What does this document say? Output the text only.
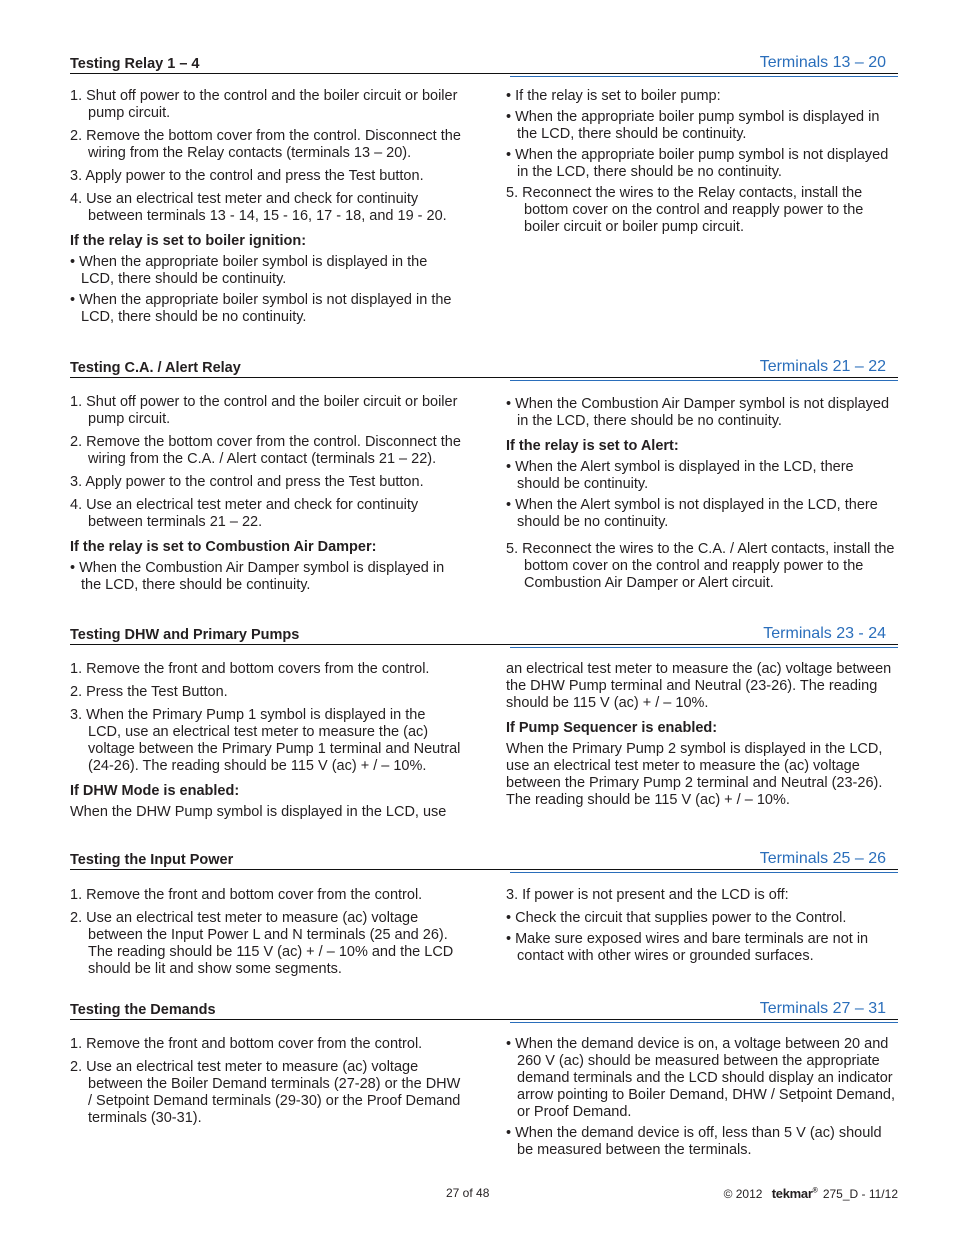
Testing Relay 1 – 4	Terminals 13 – 20
1. Shut off power to the control and the boiler circuit or boiler pump circuit.
2. Remove the bottom cover from the control. Disconnect the wiring from the Relay contacts (terminals 13 – 20).
3. Apply power to the control and press the Test button.
4. Use an electrical test meter and check for continuity between terminals 13 - 14, 15 - 16, 17 - 18, and 19 - 20.
If the relay is set to boiler ignition:
• When the appropriate boiler symbol is displayed in the LCD, there should be continuity.
• When the appropriate boiler symbol is not displayed in the LCD, there should be no continuity.
• If the relay is set to boiler pump:
• When the appropriate boiler pump symbol is displayed in the LCD, there should be continuity.
• When the appropriate boiler pump symbol is not displayed in the LCD, there should be no continuity.
5. Reconnect the wires to the Relay contacts, install the bottom cover on the control and reapply power to the boiler circuit or boiler pump circuit.
Testing C.A. / Alert Relay	Terminals 21 – 22
1. Shut off power to the control and the boiler circuit or boiler pump circuit.
2. Remove the bottom cover from the control. Disconnect the wiring from the C.A. / Alert contact (terminals 21 – 22).
3. Apply power to the control and press the Test button.
4. Use an electrical test meter and check for continuity between terminals 21 – 22.
If the relay is set to Combustion Air Damper:
• When the Combustion Air Damper symbol is displayed in the LCD, there should be continuity.
• When the Combustion Air Damper symbol is not displayed in the LCD, there should be no continuity.
If the relay is set to Alert:
• When the Alert symbol is displayed in the LCD, there should be continuity.
• When the Alert symbol is not displayed in the LCD, there should be no continuity.
5. Reconnect the wires to the C.A. / Alert contacts, install the bottom cover on the control and reapply power to the Combustion Air Damper or Alert circuit.
Testing DHW and Primary Pumps	Terminals 23 - 24
1. Remove the front and bottom covers from the control.
2. Press the Test Button.
3. When the Primary Pump 1 symbol is displayed in the LCD, use an electrical test meter to measure the (ac) voltage between the Primary Pump 1 terminal and Neutral (24-26). The reading should be 115 V (ac) + / – 10%.
If DHW Mode is enabled:
When the DHW Pump symbol is displayed in the LCD, use
an electrical test meter to measure the (ac) voltage between the DHW Pump terminal and Neutral (23-26). The reading should be 115 V (ac) + / – 10%.
If Pump Sequencer is enabled:
When the Primary Pump 2 symbol is displayed in the LCD, use an electrical test meter to measure the (ac) voltage between the Primary Pump 2 terminal and Neutral (23-26). The reading should be 115 V (ac) + / – 10%.
Testing the Input Power	Terminals 25 – 26
1. Remove the front and bottom cover from the control.
2. Use an electrical test meter to measure (ac) voltage between the Input Power L and N terminals (25 and 26). The reading should be 115 V (ac) + / – 10% and the LCD should be lit and show some segments.
3. If power is not present and the LCD is off:
• Check the circuit that supplies power to the Control.
• Make sure exposed wires and bare terminals are not in contact with other wires or grounded surfaces.
Testing the Demands	Terminals 27 – 31
1. Remove the front and bottom cover from the control.
2. Use an electrical test meter to measure (ac) voltage between the Boiler Demand terminals (27-28) or the DHW / Setpoint Demand terminals (29-30) or the Proof Demand terminals (30-31).
• When the demand device is on, a voltage between 20 and 260 V (ac) should be measured between the appropriate demand terminals and the LCD should display an indicator arrow pointing to Boiler Demand, DHW / Setpoint Demand, or Proof Demand.
• When the demand device is off, less than 5 V (ac) should be measured between the terminals.
27 of 48	© 2012 tekmar® 275_D - 11/12
